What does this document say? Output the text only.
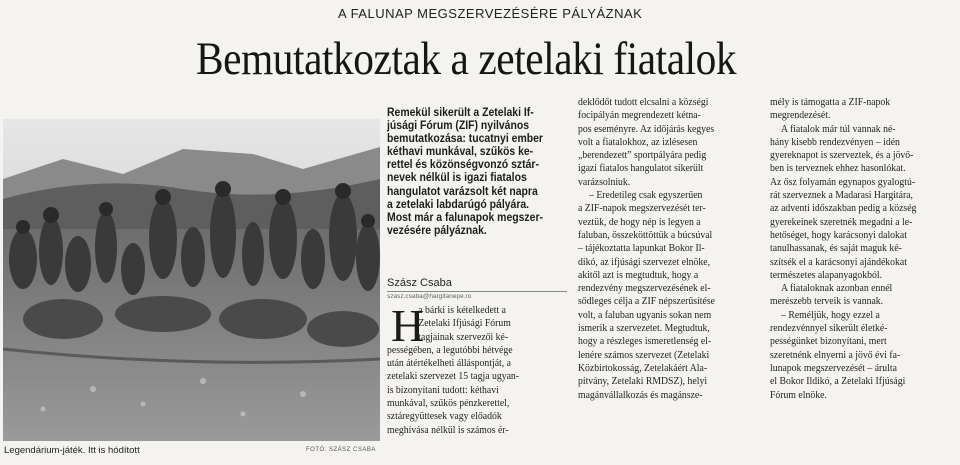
A FALUNAP MEGSZERVEZÉSÉRE PÁLYÁZNAK
Bemutatkoztak a zetelaki fiatalok
Legendárium-játék. Itt is hódított	FOTÓ: SZÁSZ CSABA
Remekül sikerült a Zetelaki If-
júsági Fórum (ZIF) nyilvános
bemutatkozása: tucatnyi ember
kéthavi munkával, szűkös ke-
rettel és közönségvonzó sztár-
nevek nélkül is igazi fiatalos
hangulatot varázsolt két napra
a zetelaki labdarúgó pályára.
Most már a falunapok megszer-
vezésére pályáznak.
Szász Csaba
szasz.csaba@hargitanepe.ro
H
a bárki is kételkedett a
Zetelaki Ifjúsági Fórum
tagjainak szervezői ké-
pességében, a legutóbbi hétvége
után átértékelheti álláspontját, a
zetelaki szervezet 15 tagja ugyan-
is bizonyítani tudott: kéthavi
munkával, szűkös pénzkerettel,
sztáregyüttesek vagy előadók
meghívása nélkül is számos ér-
deklődőt tudott elcsalni a községi
focipályán megrendezett kétna-
pos eseményre. Az időjárás kegyes
volt a fiatalokhoz, az izlésesen
„berendezett” sportpályára pedig
igazi fiatalos hangulatot sikerült
varázsolniuk.
– Eredetileg csak egyszerűen
a ZIF-napok megszervezését ter-
veztük, de hogy nép is legyen a
faluban, összeköttöttük a búcsúval
– tájékoztatta lapunkat Bokor Il-
dikó, az ifjúsági szervezet elnöke,
akitől azt is megtudtuk, hogy a
rendezvény megszervezésének el-
sődleges célja a ZIF népszerűsítése
volt, a faluban ugyanis sokan nem
ismerik a szervezetet. Megtudtuk,
hogy a részleges ismeretlenség el-
lenére számos szervezet (Zetelaki
Közbirtokosság, Zetelakáért Ala-
pítvány, Zetelaki RMDSZ), helyi
magánvállalkozás és magánsze-
mély is támogatta a ZIF-napok
megrendezését.
A fiatalok már túl vannak né-
hány kisebb rendezvényen – idén
gyereknapot is szerveztek, és a jövő-
ben is terveznek ehhez hasonlókat.
Az ősz folyamán egynapos gyalogtú-
rát szerveznek a Madarasi Hargitára,
az adventi időszakban pedig a község
gyerekeinek szeretnék megadni a le-
hetőséget, hogy karácsonyi dalokat
tanulhassanak, és saját maguk ké-
szítsék el a karácsonyi ajándékokat
természetes alapanyagokból.
A fiataloknak azonban ennél
merészebb terveik is vannak.
– Reméljük, hogy ezzel a
rendezvénnyel sikerült életké-
pességünket bizonyítani, mert
szeretnénk elnyerni a jövő évi fa-
lunapok megszervezését – árulta
el Bokor Ildikó, a Zetelaki Ifjúsági
Fórum elnöke.
